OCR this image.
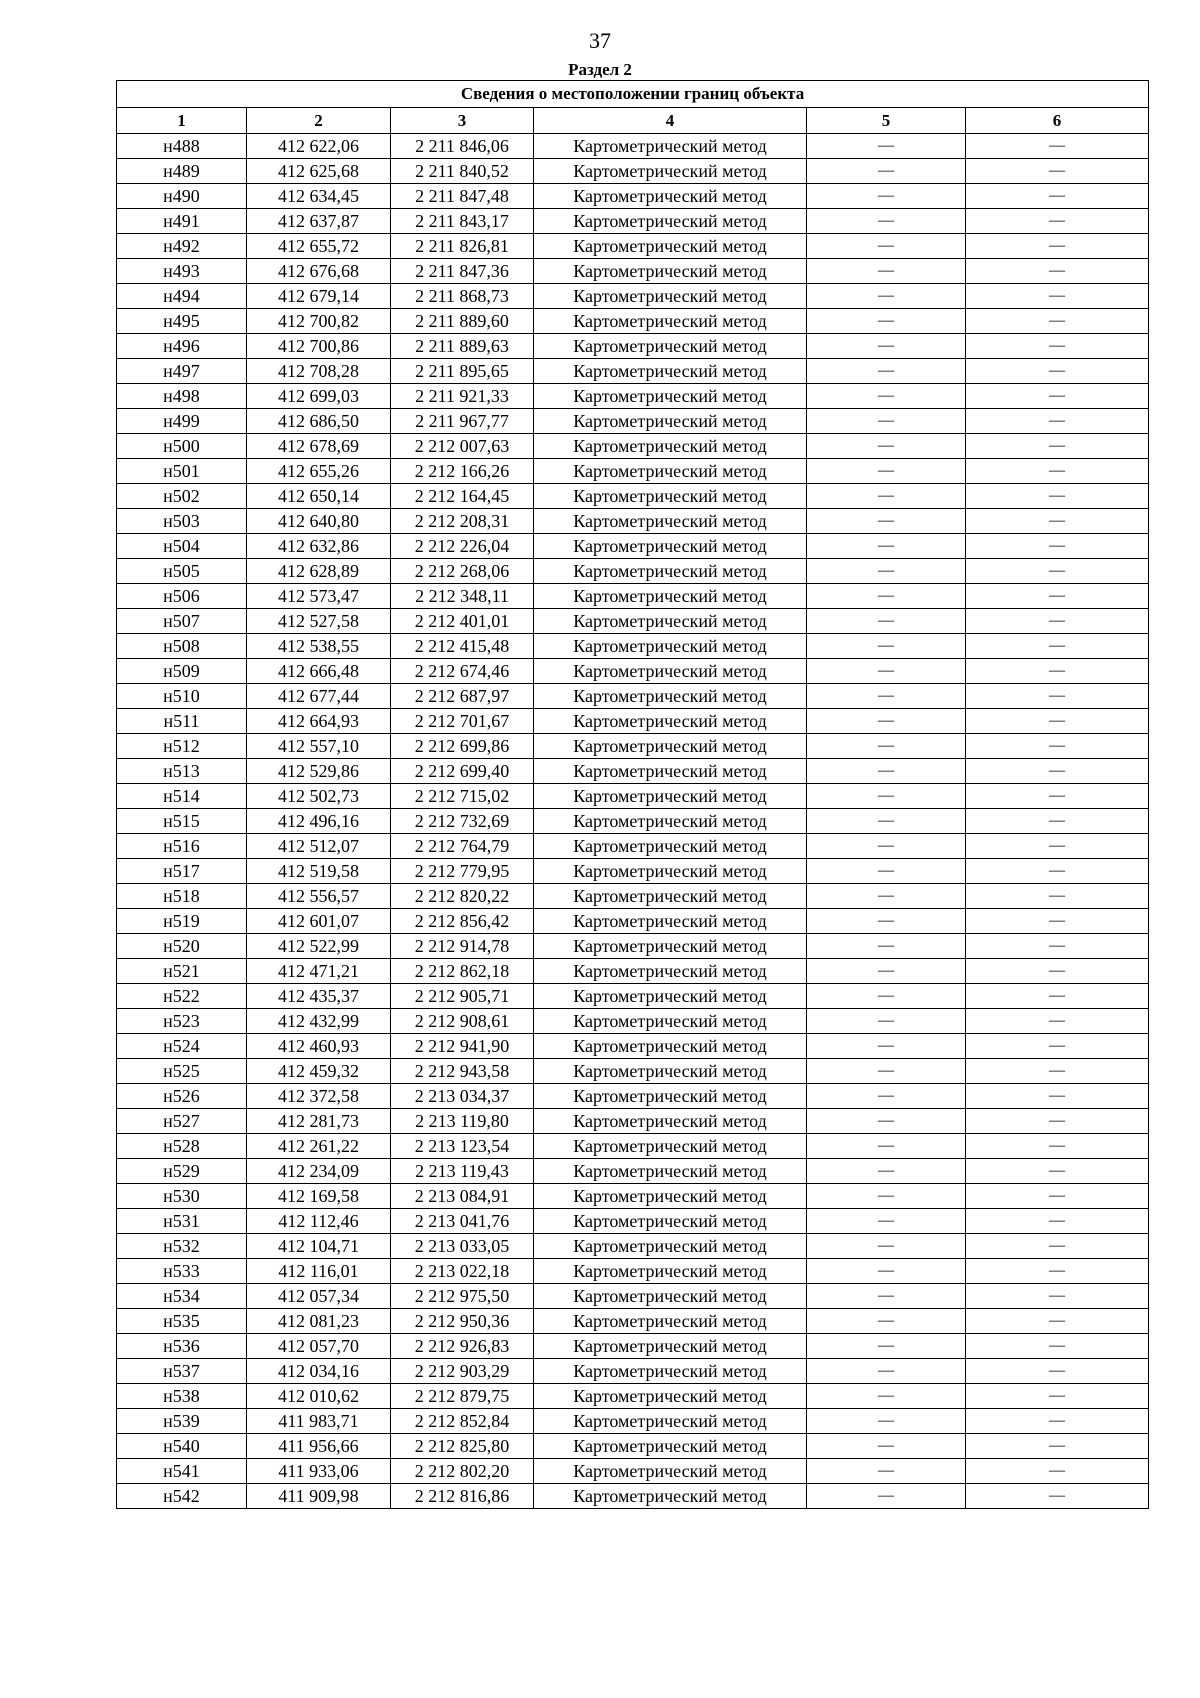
37
Раздел 2
Сведения о местоположении границ объекта					
1	2	3	4	5	6
н488	412 622,06	2 211 846,06	Картометрический метод	—	—
н489	412 625,68	2 211 840,52	Картометрический метод	—	—
н490	412 634,45	2 211 847,48	Картометрический метод	—	—
н491	412 637,87	2 211 843,17	Картометрический метод	—	—
н492	412 655,72	2 211 826,81	Картометрический метод	—	—
н493	412 676,68	2 211 847,36	Картометрический метод	—	—
н494	412 679,14	2 211 868,73	Картометрический метод	—	—
н495	412 700,82	2 211 889,60	Картометрический метод	—	—
н496	412 700,86	2 211 889,63	Картометрический метод	—	—
н497	412 708,28	2 211 895,65	Картометрический метод	—	—
н498	412 699,03	2 211 921,33	Картометрический метод	—	—
н499	412 686,50	2 211 967,77	Картометрический метод	—	—
н500	412 678,69	2 212 007,63	Картометрический метод	—	—
н501	412 655,26	2 212 166,26	Картометрический метод	—	—
н502	412 650,14	2 212 164,45	Картометрический метод	—	—
н503	412 640,80	2 212 208,31	Картометрический метод	—	—
н504	412 632,86	2 212 226,04	Картометрический метод	—	—
н505	412 628,89	2 212 268,06	Картометрический метод	—	—
н506	412 573,47	2 212 348,11	Картометрический метод	—	—
н507	412 527,58	2 212 401,01	Картометрический метод	—	—
н508	412 538,55	2 212 415,48	Картометрический метод	—	—
н509	412 666,48	2 212 674,46	Картометрический метод	—	—
н510	412 677,44	2 212 687,97	Картометрический метод	—	—
н511	412 664,93	2 212 701,67	Картометрический метод	—	—
н512	412 557,10	2 212 699,86	Картометрический метод	—	—
н513	412 529,86	2 212 699,40	Картометрический метод	—	—
н514	412 502,73	2 212 715,02	Картометрический метод	—	—
н515	412 496,16	2 212 732,69	Картометрический метод	—	—
н516	412 512,07	2 212 764,79	Картометрический метод	—	—
н517	412 519,58	2 212 779,95	Картометрический метод	—	—
н518	412 556,57	2 212 820,22	Картометрический метод	—	—
н519	412 601,07	2 212 856,42	Картометрический метод	—	—
н520	412 522,99	2 212 914,78	Картометрический метод	—	—
н521	412 471,21	2 212 862,18	Картометрический метод	—	—
н522	412 435,37	2 212 905,71	Картометрический метод	—	—
н523	412 432,99	2 212 908,61	Картометрический метод	—	—
н524	412 460,93	2 212 941,90	Картометрический метод	—	—
н525	412 459,32	2 212 943,58	Картометрический метод	—	—
н526	412 372,58	2 213 034,37	Картометрический метод	—	—
н527	412 281,73	2 213 119,80	Картометрический метод	—	—
н528	412 261,22	2 213 123,54	Картометрический метод	—	—
н529	412 234,09	2 213 119,43	Картометрический метод	—	—
н530	412 169,58	2 213 084,91	Картометрический метод	—	—
н531	412 112,46	2 213 041,76	Картометрический метод	—	—
н532	412 104,71	2 213 033,05	Картометрический метод	—	—
н533	412 116,01	2 213 022,18	Картометрический метод	—	—
н534	412 057,34	2 212 975,50	Картометрический метод	—	—
н535	412 081,23	2 212 950,36	Картометрический метод	—	—
н536	412 057,70	2 212 926,83	Картометрический метод	—	—
н537	412 034,16	2 212 903,29	Картометрический метод	—	—
н538	412 010,62	2 212 879,75	Картометрический метод	—	—
н539	411 983,71	2 212 852,84	Картометрический метод	—	—
н540	411 956,66	2 212 825,80	Картометрический метод	—	—
н541	411 933,06	2 212 802,20	Картометрический метод	—	—
н542	411 909,98	2 212 816,86	Картометрический метод	—	—
